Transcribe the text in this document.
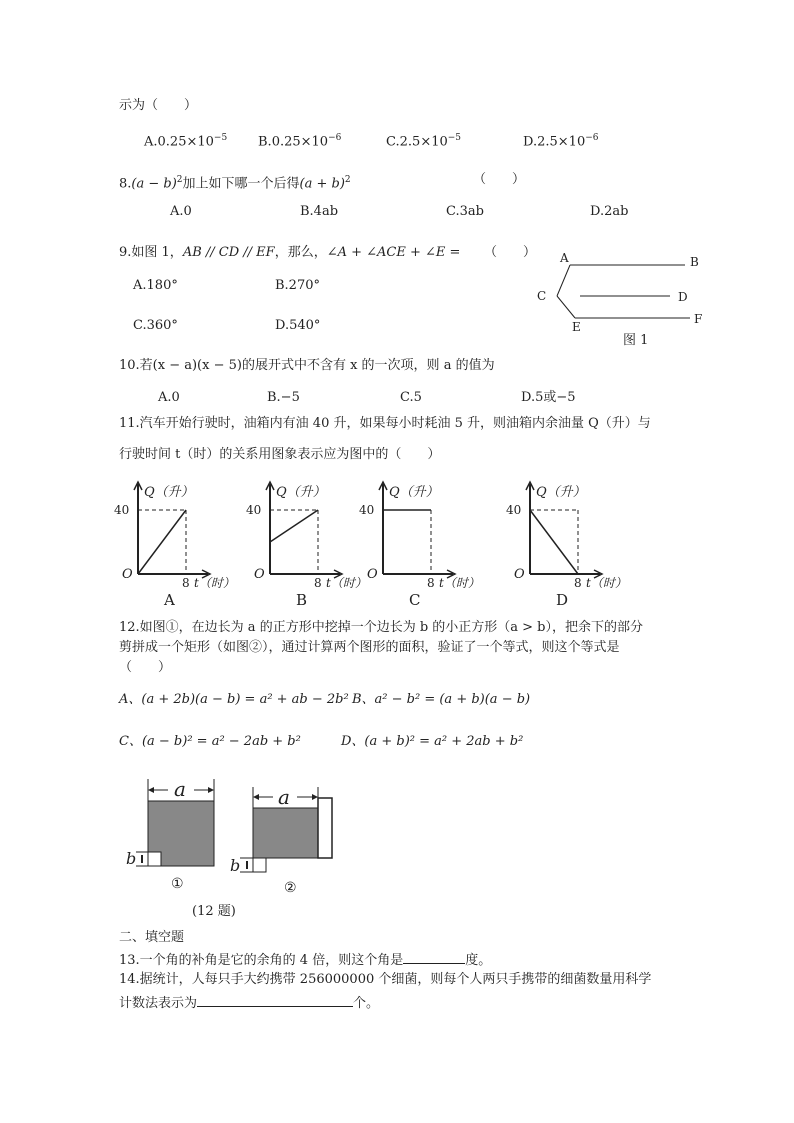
示为（　　）
$A.0.25\times 10^{-5}$ $B.0.25\times 10^{-6}$	$C.2.5\times 10^{-5}$	$D.2.5\times 10^{-6}$
$8.(a - b)^2$加上如下哪一个后得$(a + b)^2$	（　　）
A.0	B.4ab	C.3ab	D.2ab
9.如图 1，AB // CD // EF，那么，∠A + ∠ACE + ∠E = （　　）
A.180°	B.270°
C.360°	D.540°
A	B
C	D
E
F
图 1
10.若(x − a)(x − 5)的展开式中不含有 x 的一次项，则 a 的值为
A.0	B.−5	C.5	D.5或−5
11.汽车开始行驶时，油箱内有油 40 升，如果每小时耗油 5 升，则油箱内余油量 Q（升）与
行驶时间 t（时）的关系用图象表示应为图中的（　　）
Q（升）
40
O
8 t（时）
A
Q（升）
40
O
8 t（时）
B
Q（升）
40
O
8 t（时）
C
Q（升）
40
O
8 t（时）
D
12.如图①，在边长为 a 的正方形中挖掉一个边长为 b 的小正方形（a > b），把余下的部分
剪拼成一个矩形（如图②），通过计算两个图形的面积，验证了一个等式，则这个等式是
（　　）
A、(a + 2b)(a − b) = a² + ab − 2b² B、a² − b² = (a + b)(a − b)
C、(a − b)² = a² − 2ab + b²	D、(a + b)² = a² + 2ab + b²
a
b
①
a
b
②
(12 题)
二、填空题
13.一个角的补角是它的余角的 4 倍，则这个角是	度。
14.据统计，人每只手大约携带 256000000 个细菌，则每个人两只手携带的细菌数量用科学
计数法表示为	个。
